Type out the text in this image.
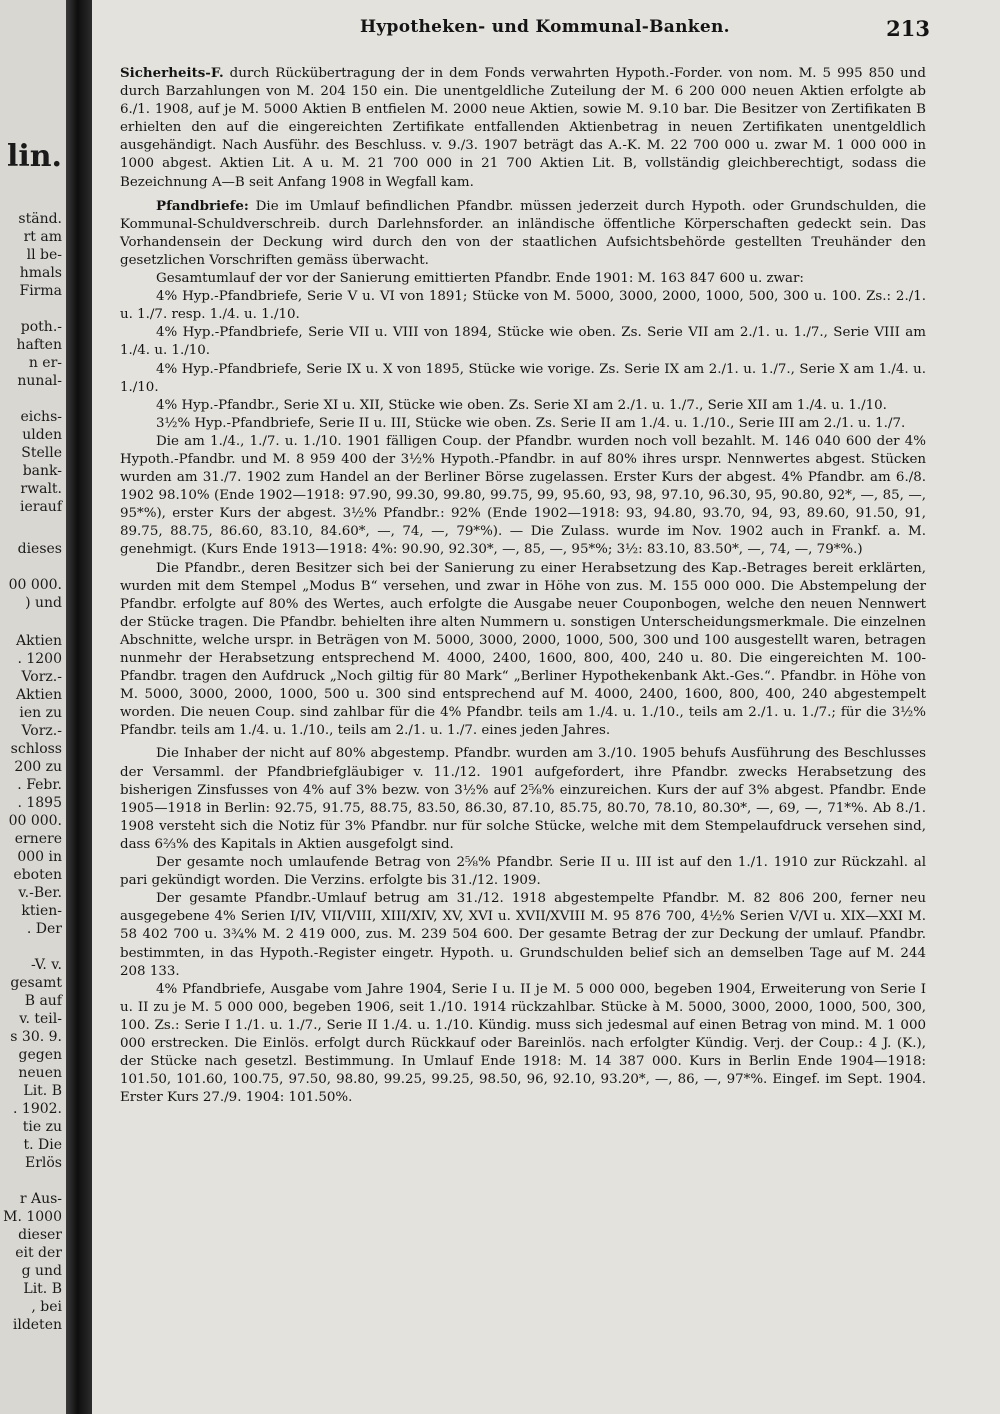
lin.
ständ.
rt am
ll be-
hmals
Firma
poth.-
haften
n er-
nunal-
eichs-
ulden
Stelle
bank-
rwalt.
ierauf
dieses
00 000.
) und
Aktien
. 1200
Vorz.-
Aktien
ien zu
Vorz.-
schloss
200 zu
. Febr.
. 1895
00 000.
ernere
000 in
eboten
v.-Ber.
ktien-
. Der
-V. v.
gesamt
B auf
v. teil-
s 30. 9.
gegen
neuen
Lit. B
. 1902.
tie zu
t. Die
Erlös
r Aus-
M. 1000
dieser
eit der
g und
Lit. B
, bei
ildeten
Hypotheken- und Kommunal-Banken.	213

Sicherheits-F. durch Rückübertragung der in dem Fonds verwahrten Hypoth.-Forder. von nom. M. 5 995 850 und durch Barzahlungen von M. 204 150 ein. Die unentgeldliche Zuteilung der M. 6 200 000 neuen Aktien erfolgte ab 6./1. 1908, auf je M. 5000 Aktien B entfielen M. 2000 neue Aktien, sowie M. 9.10 bar. Die Besitzer von Zertifikaten B erhielten den auf die eingereichten Zertifikate entfallenden Aktienbetrag in neuen Zertifikaten unentgeldlich ausgehändigt. Nach Ausführ. des Beschluss. v. 9./3. 1907 beträgt das A.-K. M. 22 700 000 u. zwar M. 1 000 000 in 1000 abgest. Aktien Lit. A u. M. 21 700 000 in 21 700 Aktien Lit. B, vollständig gleichberechtigt, sodass die Bezeichnung A—B seit Anfang 1908 in Wegfall kam.

Pfandbriefe: Die im Umlauf befindlichen Pfandbr. müssen jederzeit durch Hypoth. oder Grundschulden, die Kommunal-Schuldverschreib. durch Darlehnsforder. an inländische öffentliche Körperschaften gedeckt sein. Das Vorhandensein der Deckung wird durch den von der staatlichen Aufsichtsbehörde gestellten Treuhänder den gesetzlichen Vorschriften gemäss überwacht.

Gesamtumlauf der vor der Sanierung emittierten Pfandbr. Ende 1901: M. 163 847 600 u. zwar:

4% Hyp.-Pfandbriefe, Serie V u. VI von 1891; Stücke von M. 5000, 3000, 2000, 1000, 500, 300 u. 100. Zs.: 2./1. u. 1./7. resp. 1./4. u. 1./10.

4% Hyp.-Pfandbriefe, Serie VII u. VIII von 1894, Stücke wie oben. Zs. Serie VII am 2./1. u. 1./7., Serie VIII am 1./4. u. 1./10.

4% Hyp.-Pfandbriefe, Serie IX u. X von 1895, Stücke wie vorige. Zs. Serie IX am 2./1. u. 1./7., Serie X am 1./4. u. 1./10.

4% Hyp.-Pfandbr., Serie XI u. XII, Stücke wie oben. Zs. Serie XI am 2./1. u. 1./7., Serie XII am 1./4. u. 1./10.

3½% Hyp.-Pfandbriefe, Serie II u. III, Stücke wie oben. Zs. Serie II am 1./4. u. 1./10., Serie III am 2./1. u. 1./7.

Die am 1./4., 1./7. u. 1./10. 1901 fälligen Coup. der Pfandbr. wurden noch voll bezahlt. M. 146 040 600 der 4% Hypoth.-Pfandbr. und M. 8 959 400 der 3½% Hypoth.-Pfandbr. in auf 80% ihres urspr. Nennwertes abgest. Stücken wurden am 31./7. 1902 zum Handel an der Berliner Börse zugelassen. Erster Kurs der abgest. 4% Pfandbr. am 6./8. 1902 98.10% (Ende 1902—1918: 97.90, 99.30, 99.80, 99.75, 99, 95.60, 93, 98, 97.10, 96.30, 95, 90.80, 92*, —, 85, —, 95*%), erster Kurs der abgest. 3½% Pfandbr.: 92% (Ende 1902—1918: 93, 94.80, 93.70, 94, 93, 89.60, 91.50, 91, 89.75, 88.75, 86.60, 83.10, 84.60*, —, 74, —, 79*%). — Die Zulass. wurde im Nov. 1902 auch in Frankf. a. M. genehmigt. (Kurs Ende 1913—1918: 4%: 90.90, 92.30*, —, 85, —, 95*%; 3½: 83.10, 83.50*, —, 74, —, 79*%.)

Die Pfandbr., deren Besitzer sich bei der Sanierung zu einer Herabsetzung des Kap.-Betrages bereit erklärten, wurden mit dem Stempel „Modus B“ versehen, und zwar in Höhe von zus. M. 155 000 000. Die Abstempelung der Pfandbr. erfolgte auf 80% des Wertes, auch erfolgte die Ausgabe neuer Couponbogen, welche den neuen Nennwert der Stücke tragen. Die Pfandbr. behielten ihre alten Nummern u. sonstigen Unterscheidungsmerkmale. Die einzelnen Abschnitte, welche urspr. in Beträgen von M. 5000, 3000, 2000, 1000, 500, 300 und 100 ausgestellt waren, betragen nunmehr der Herabsetzung entsprechend M. 4000, 2400, 1600, 800, 400, 240 u. 80. Die eingereichten M. 100-Pfandbr. tragen den Aufdruck „Noch giltig für 80 Mark“ „Berliner Hypothekenbank Akt.-Ges.“. Pfandbr. in Höhe von M. 5000, 3000, 2000, 1000, 500 u. 300 sind entsprechend auf M. 4000, 2400, 1600, 800, 400, 240 abgestempelt worden. Die neuen Coup. sind zahlbar für die 4% Pfandbr. teils am 1./4. u. 1./10., teils am 2./1. u. 1./7.; für die 3½% Pfandbr. teils am 1./4. u. 1./10., teils am 2./1. u. 1./7. eines jeden Jahres.

Die Inhaber der nicht auf 80% abgestemp. Pfandbr. wurden am 3./10. 1905 behufs Ausführung des Beschlusses der Versamml. der Pfandbriefgläubiger v. 11./12. 1901 aufgefordert, ihre Pfandbr. zwecks Herabsetzung des bisherigen Zinsfusses von 4% auf 3% bezw. von 3½% auf 2⅝% einzureichen. Kurs der auf 3% abgest. Pfandbr. Ende 1905—1918 in Berlin: 92.75, 91.75, 88.75, 83.50, 86.30, 87.10, 85.75, 80.70, 78.10, 80.30*, —, 69, —, 71*%. Ab 8./1. 1908 versteht sich die Notiz für 3% Pfandbr. nur für solche Stücke, welche mit dem Stempelaufdruck versehen sind, dass 6⅔% des Kapitals in Aktien ausgefolgt sind.

Der gesamte noch umlaufende Betrag von 2⅝% Pfandbr. Serie II u. III ist auf den 1./1. 1910 zur Rückzahl. al pari gekündigt worden. Die Verzins. erfolgte bis 31./12. 1909.

Der gesamte Pfandbr.-Umlauf betrug am 31./12. 1918 abgestempelte Pfandbr. M. 82 806 200, ferner neu ausgegebene 4% Serien I/IV, VII/VIII, XIII/XIV, XV, XVI u. XVII/XVIII M. 95 876 700, 4½% Serien V/VI u. XIX—XXI M. 58 402 700 u. 3¾% M. 2 419 000, zus. M. 239 504 600. Der gesamte Betrag der zur Deckung der umlauf. Pfandbr. bestimmten, in das Hypoth.-Register eingetr. Hypoth. u. Grundschulden belief sich an demselben Tage auf M. 244 208 133.

4% Pfandbriefe, Ausgabe vom Jahre 1904, Serie I u. II je M. 5 000 000, begeben 1904, Erweiterung von Serie I u. II zu je M. 5 000 000, begeben 1906, seit 1./10. 1914 rückzahlbar. Stücke à M. 5000, 3000, 2000, 1000, 500, 300, 100. Zs.: Serie I 1./1. u. 1./7., Serie II 1./4. u. 1./10. Kündig. muss sich jedesmal auf einen Betrag von mind. M. 1 000 000 erstrecken. Die Einlös. erfolgt durch Rückkauf oder Bareinlös. nach erfolgter Kündig. Verj. der Coup.: 4 J. (K.), der Stücke nach gesetzl. Bestimmung. In Umlauf Ende 1918: M. 14 387 000. Kurs in Berlin Ende 1904—1918: 101.50, 101.60, 100.75, 97.50, 98.80, 99.25, 99.25, 98.50, 96, 92.10, 93.20*, —, 86, —, 97*%. Eingef. im Sept. 1904. Erster Kurs 27./9. 1904: 101.50%.
